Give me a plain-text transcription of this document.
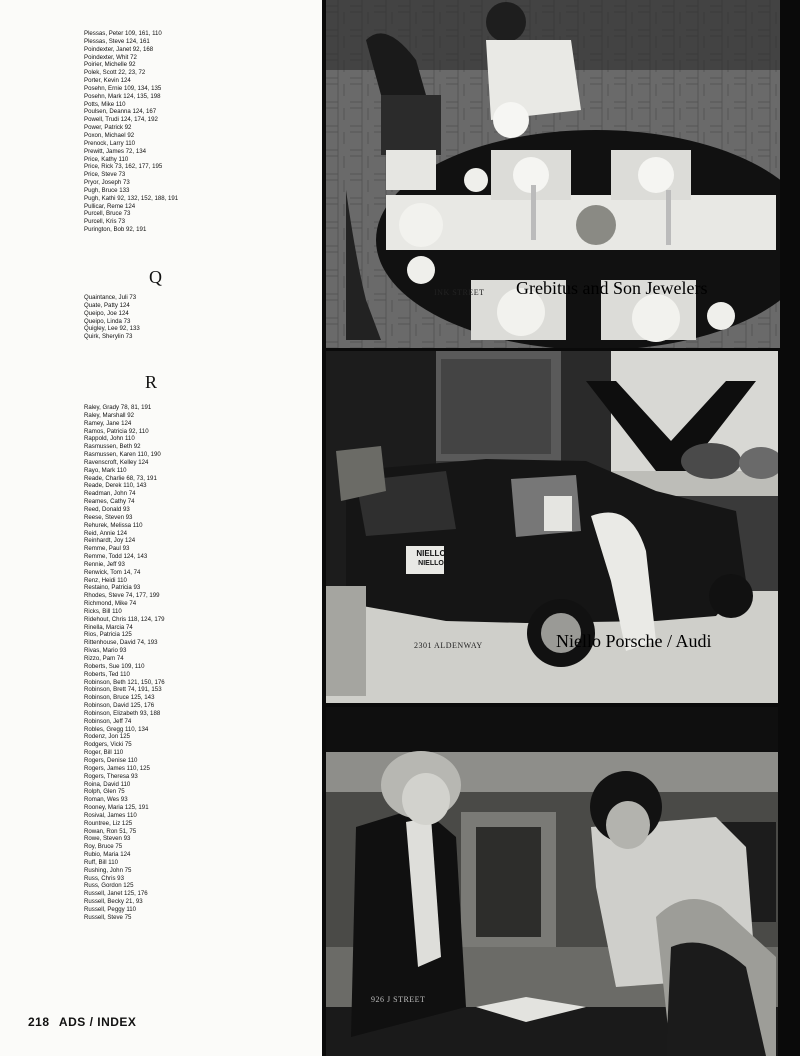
Plessas, Peter 109, 161, 110
Plessas, Steve 124, 161
Poindexter, Janet 92, 168
Poindexter, Whit 72
Poirier, Michelle 92
Polek, Scott 22, 23, 72
Porter, Kevin 124
Posehn, Ernie 109, 134, 135
Posehn, Mark 124, 135, 198
Potts, Mike 110
Poulsen, Deanna 124, 167
Powell, Trudi 124, 174, 192
Power, Patrick 92
Poxon, Michael 92
Prenock, Larry 110
Prewitt, James 72, 134
Price, Kathy 110
Price, Rick 73, 162, 177, 195
Price, Steve 73
Pryor, Joseph 73
Pugh, Bruce 133
Pugh, Kathi 92, 132, 152, 188, 191
Pullicar, Reme 124
Purcell, Bruce 73
Purcell, Kris 73
Purington, Bob 92, 191
Q
Quaintance, Juli 73
Quate, Patty 124
Queipo, Joe 124
Queipo, Linda 73
Quigley, Lee 92, 133
Quirk, Sherylin 73
R
Raley, Grady 78, 81, 191
Raley, Marshall 92
Ramey, Jane 124
Ramos, Patricia 92, 110
Rappold, John 110
Rasmussen, Beth 92
Rasmussen, Karen 110, 190
Ravenscroft, Kelley 124
Rayo, Mark 110
Reade, Charlie 68, 73, 191
Reade, Derek 110, 143
Readman, John 74
Reames, Cathy 74
Reed, Donald 93
Reese, Steven 93
Rehurek, Melissa 110
Reid, Annie 124
Reinhardt, Joy 124
Remme, Paul 93
Remme, Todd 124, 143
Rennie, Jeff 93
Renwick, Tom 14, 74
Renz, Heidi 110
Restaino, Patricia 93
Rhodes, Steve 74, 177, 199
Richmond, Mike 74
Ricks, Bill 110
Ridehout, Chris 118, 124, 179
Rinella, Marcia 74
Rios, Patricia 125
Rittenhouse, David 74, 193
Rivas, Mario 93
Rizzo, Pam 74
Roberts, Sue 109, 110
Roberts, Ted 110
Robinson, Beth 121, 150, 176
Robinson, Brett 74, 191, 153
Robinson, Bruce 125, 143
Robinson, David 125, 176
Robinson, Elizabeth 93, 188
Robinson, Jeff 74
Robles, Gregg 110, 134
Rodenz, Jon 125
Rodgers, Vicki 75
Roger, Bill 110
Rogers, Denise 110
Rogers, James 110, 125
Rogers, Theresa 93
Roina, David 110
Rolph, Glen 75
Roman, Wes 93
Rooney, Maria 125, 191
Rosival, James 110
Rountree, Liz 125
Rowan, Ron 51, 75
Rowe, Steven 93
Roy, Bruce 75
Rubio, Maria 124
Ruff, Bill 110
Rushing, John 75
Russ, Chris 93
Russ, Gordon 125
Russell, Janet 125, 176
Russell, Becky 21, 93
Russell, Peggy 110
Russell, Steve 75
218 ADS / INDEX
INK STREET Grebitus and Son Jewelers
NIELLO
NIELLO
2301 ALDENWAY	Niello Porsche / Audi
926 J STREET
